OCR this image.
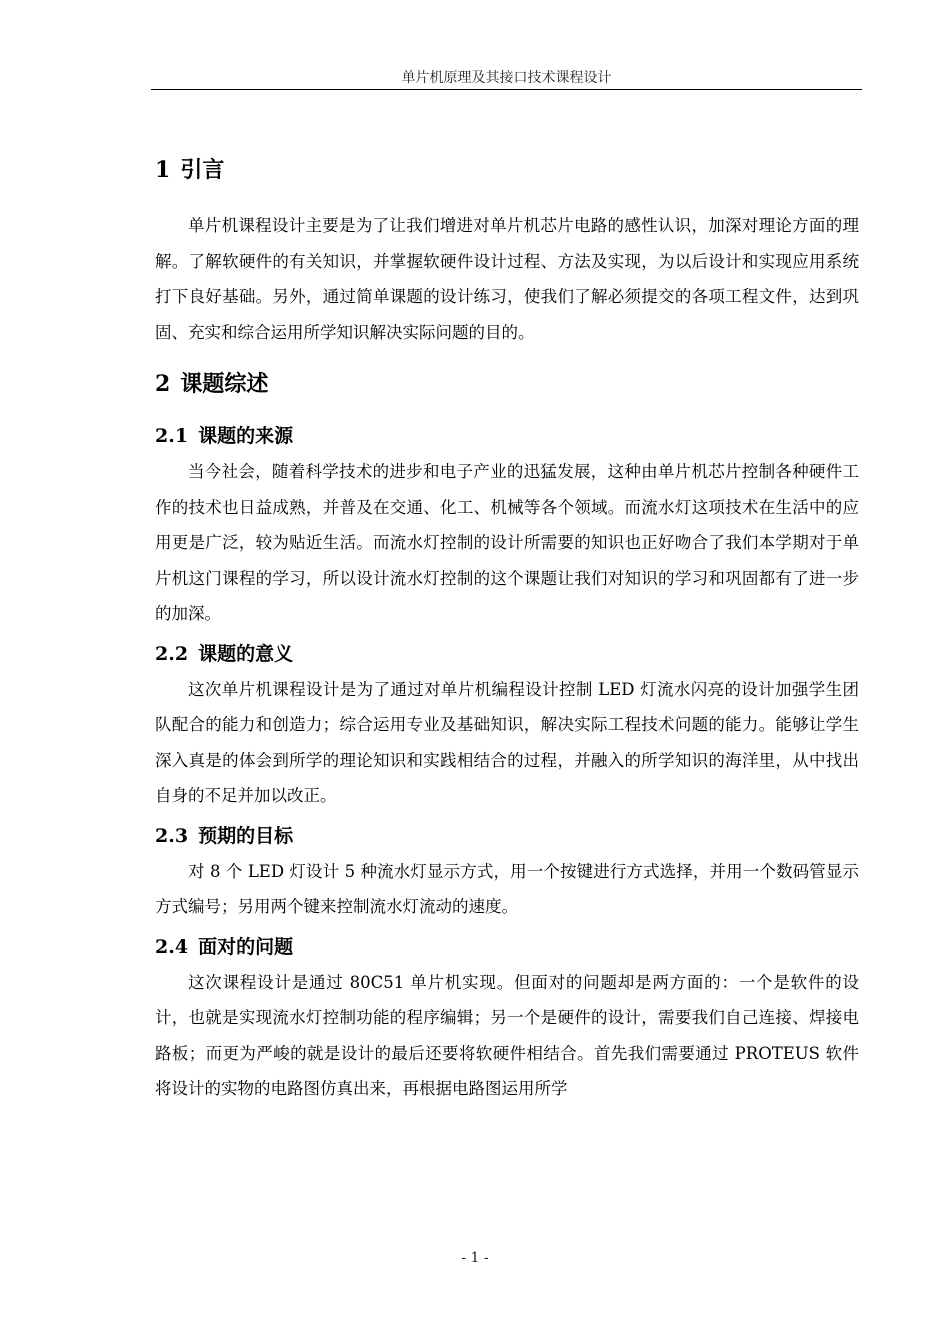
单片机原理及其接口技术课程设计
1 引言

单片机课程设计主要是为了让我们增进对单片机芯片电路的感性认识，加深对理论方面的理解。了解软硬件的有关知识，并掌握软硬件设计过程、方法及实现，为以后设计和实现应用系统打下良好基础。另外，通过简单课题的设计练习，使我们了解必须提交的各项工程文件，达到巩固、充实和综合运用所学知识解决实际问题的目的。

2 课题综述
2.1 课题的来源

当今社会，随着科学技术的进步和电子产业的迅猛发展，这种由单片机芯片控制各种硬件工作的技术也日益成熟，并普及在交通、化工、机械等各个领域。而流水灯这项技术在生活中的应用更是广泛，较为贴近生活。而流水灯控制的设计所需要的知识也正好吻合了我们本学期对于单片机这门课程的学习，所以设计流水灯控制的这个课题让我们对知识的学习和巩固都有了进一步的加深。

2.2 课题的意义

这次单片机课程设计是为了通过对单片机编程设计控制 LED 灯流水闪亮的设计加强学生团队配合的能力和创造力；综合运用专业及基础知识，解决实际工程技术问题的能力。能够让学生深入真是的体会到所学的理论知识和实践相结合的过程，并融入的所学知识的海洋里，从中找出自身的不足并加以改正。

2.3 预期的目标

对 8 个 LED 灯设计 5 种流水灯显示方式，用一个按键进行方式选择，并用一个数码管显示方式编号；另用两个键来控制流水灯流动的速度。

2.4 面对的问题

这次课程设计是通过 80C51 单片机实现。但面对的问题却是两方面的：一个是软件的设计，也就是实现流水灯控制功能的程序编辑；另一个是硬件的设计，需要我们自己连接、焊接电路板；而更为严峻的就是设计的最后还要将软硬件相结合。首先我们需要通过 PROTEUS 软件将设计的实物的电路图仿真出来，再根据电路图运用所学

- 1 -
